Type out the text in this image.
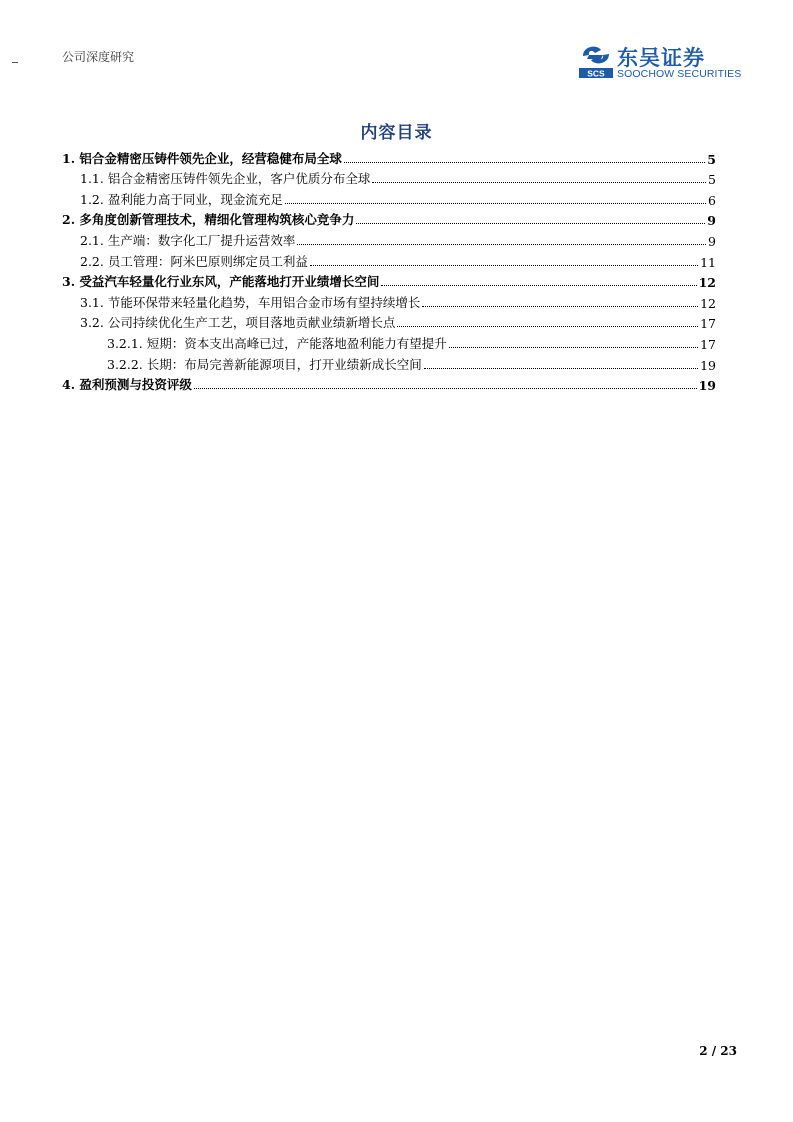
公司深度研究
SCS
东吴证券
SOOCHOW SECURITIES
内容目录
1. 铝合金精密压铸件领先企业，经营稳健布局全球	5
1.1. 铝合金精密压铸件领先企业，客户优质分布全球	5
1.2. 盈利能力高于同业，现金流充足	6
2. 多角度创新管理技术，精细化管理构筑核心竞争力	9
2.1. 生产端：数字化工厂提升运营效率	9
2.2. 员工管理：阿米巴原则绑定员工利益	11
3. 受益汽车轻量化行业东风，产能落地打开业绩增长空间	12
3.1. 节能环保带来轻量化趋势，车用铝合金市场有望持续增长	12
3.2. 公司持续优化生产工艺，项目落地贡献业绩新增长点	17
3.2.1. 短期：资本支出高峰已过，产能落地盈利能力有望提升	17
3.2.2. 长期：布局完善新能源项目，打开业绩新成长空间	19
4. 盈利预测与投资评级	19
2 / 23
